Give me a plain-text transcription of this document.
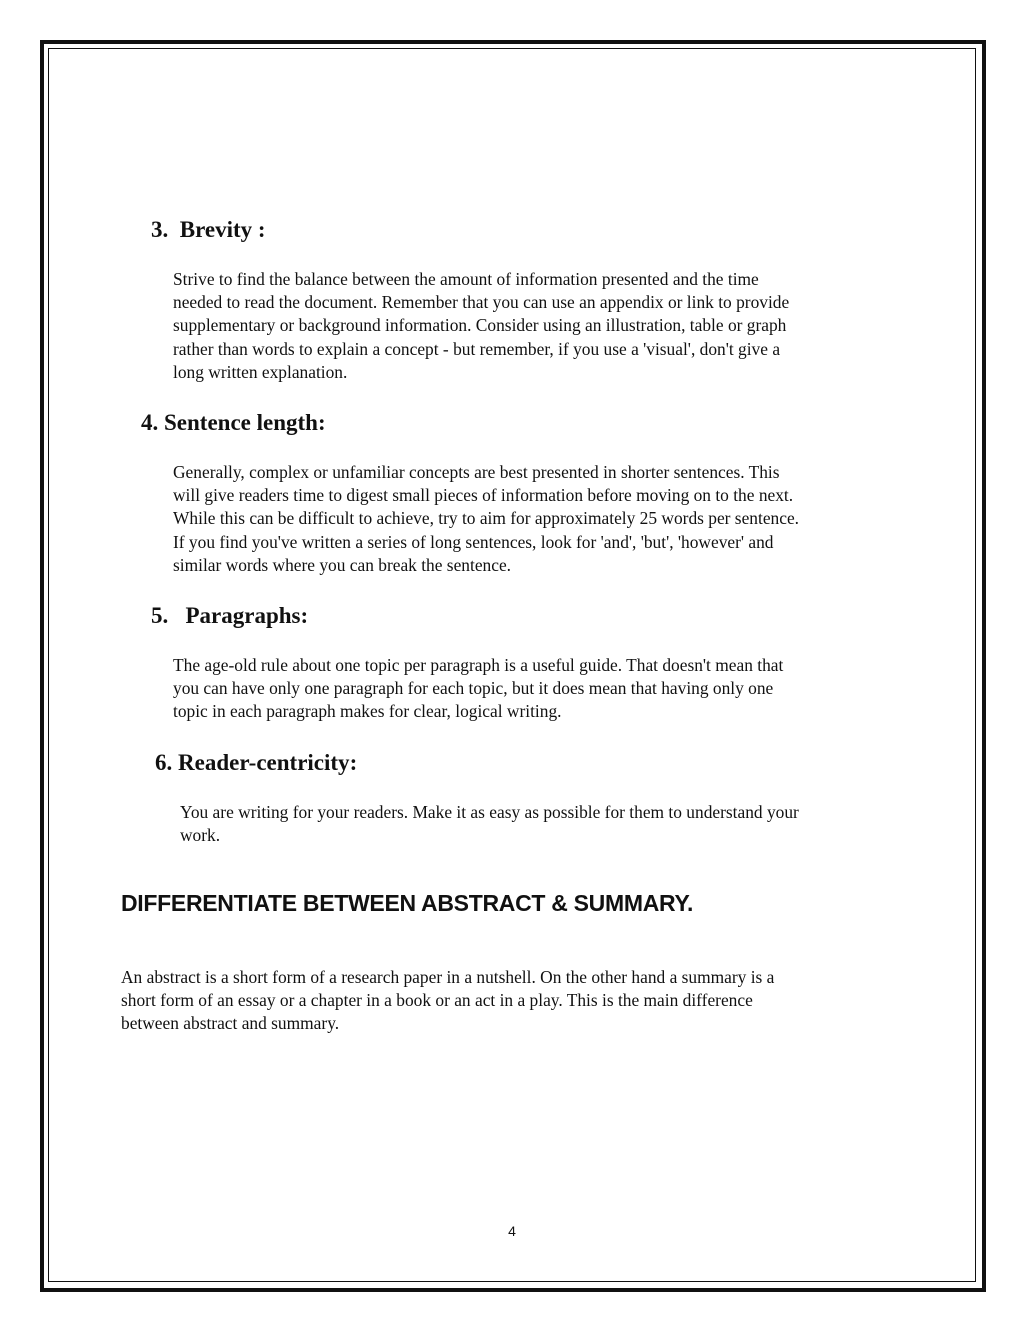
3. Brevity :

Strive to find the balance between the amount of information presented and the time
needed to read the document. Remember that you can use an appendix or link to provide
supplementary or background information. Consider using an illustration, table or graph
rather than words to explain a concept - but remember, if you use a 'visual', don't give a
long written explanation.

4. Sentence length:

Generally, complex or unfamiliar concepts are best presented in shorter sentences. This
will give readers time to digest small pieces of information before moving on to the next.
While this can be difficult to achieve, try to aim for approximately 25 words per sentence.
If you find you've written a series of long sentences, look for 'and', 'but', 'however' and
similar words where you can break the sentence.

5. Paragraphs:

The age-old rule about one topic per paragraph is a useful guide. That doesn't mean that
you can have only one paragraph for each topic, but it does mean that having only one
topic in each paragraph makes for clear, logical writing.

6. Reader-centricity:

You are writing for your readers. Make it as easy as possible for them to understand your
work.

DIFFERENTIATE BETWEEN ABSTRACT & SUMMARY.

An abstract is a short form of a research paper in a nutshell. On the other hand a summary is a
short form of an essay or a chapter in a book or an act in a play. This is the main difference
between abstract and summary.

4
